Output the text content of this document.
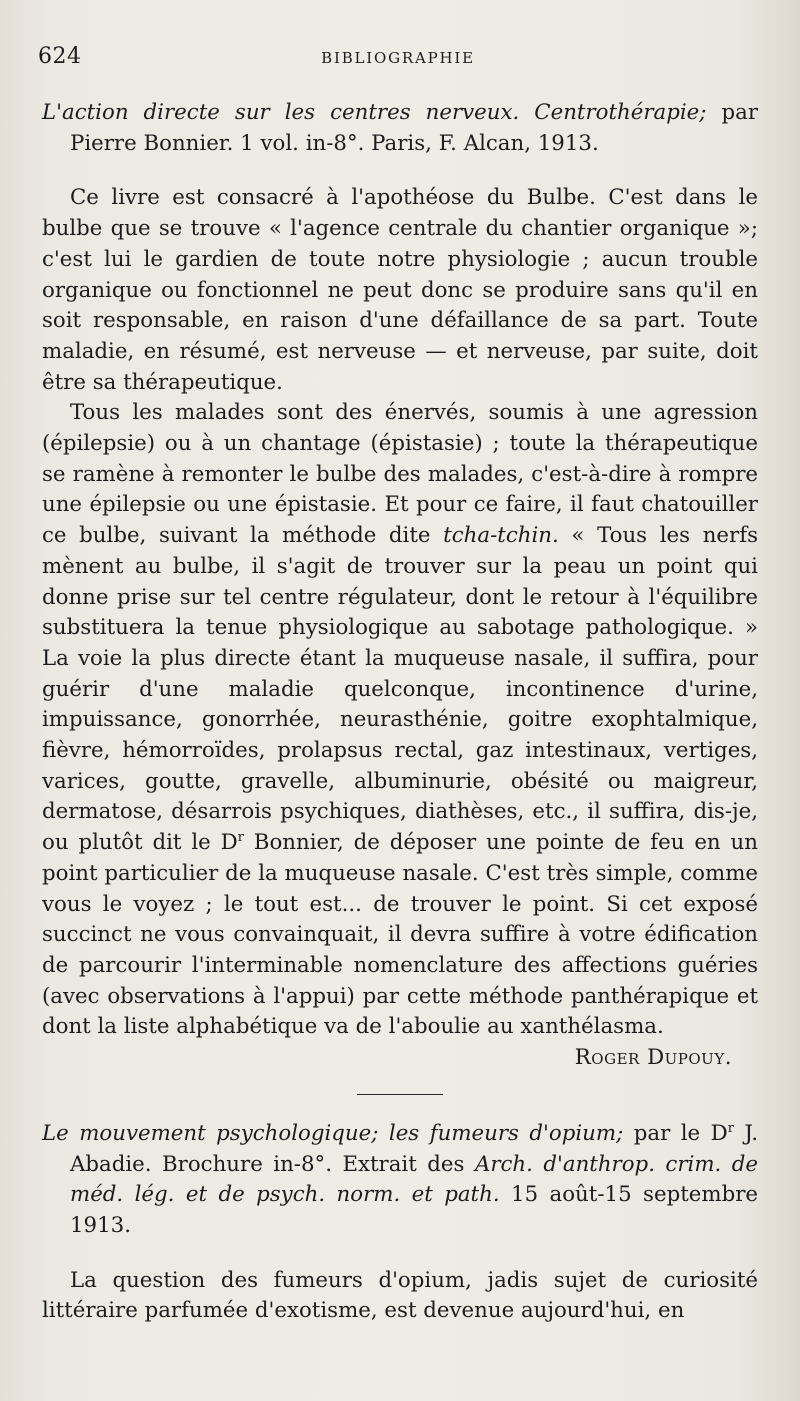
624	BIBLIOGRAPHIE

L'action directe sur les centres nerveux. Centrothérapie; par Pierre Bonnier. 1 vol. in-8°. Paris, F. Alcan, 1913.

Ce livre est consacré à l'apothéose du Bulbe. C'est dans le bulbe que se trouve « l'agence centrale du chantier organique »; c'est lui le gardien de toute notre physiologie ; aucun trouble organique ou fonctionnel ne peut donc se produire sans qu'il en soit responsable, en raison d'une défaillance de sa part. Toute maladie, en résumé, est nerveuse — et nerveuse, par suite, doit être sa thérapeutique.

Tous les malades sont des énervés, soumis à une agression (épilepsie) ou à un chantage (épistasie) ; toute la thérapeutique se ramène à remonter le bulbe des malades, c'est-à-dire à rompre une épilepsie ou une épistasie. Et pour ce faire, il faut chatouiller ce bulbe, suivant la méthode dite tcha-tchin. « Tous les nerfs mènent au bulbe, il s'agit de trouver sur la peau un point qui donne prise sur tel centre régulateur, dont le retour à l'équilibre substituera la tenue physiologique au sabotage pathologique. » La voie la plus directe étant la muqueuse nasale, il suffira, pour guérir d'une maladie quelconque, incontinence d'urine, impuissance, gonorrhée, neurasthénie, goitre exophtalmique, fièvre, hémorroïdes, prolapsus rectal, gaz intestinaux, vertiges, varices, goutte, gravelle, albuminurie, obésité ou maigreur, dermatose, désarrois psychiques, diathèses, etc., il suffira, dis-je, ou plutôt dit le $D^r$ Bonnier, de déposer une pointe de feu en un point particulier de la muqueuse nasale. C'est très simple, comme vous le voyez ; le tout est... de trouver le point. Si cet exposé succinct ne vous convainquait, il devra suffire à votre édification de parcourir l'interminable nomenclature des affections guéries (avec observations à l'appui) par cette méthode panthérapique et dont la liste alphabétique va de l'aboulie au xanthélasma.

Roger Dupouy.

Le mouvement psychologique; les fumeurs d'opium; par le $D^r$ J. Abadie. Brochure in-8°. Extrait des Arch. d'anthrop. crim. de méd. lég. et de psych. norm. et path. 15 août-15 septembre 1913.

La question des fumeurs d'opium, jadis sujet de curiosité littéraire parfumée d'exotisme, est devenue aujourd'hui, en
